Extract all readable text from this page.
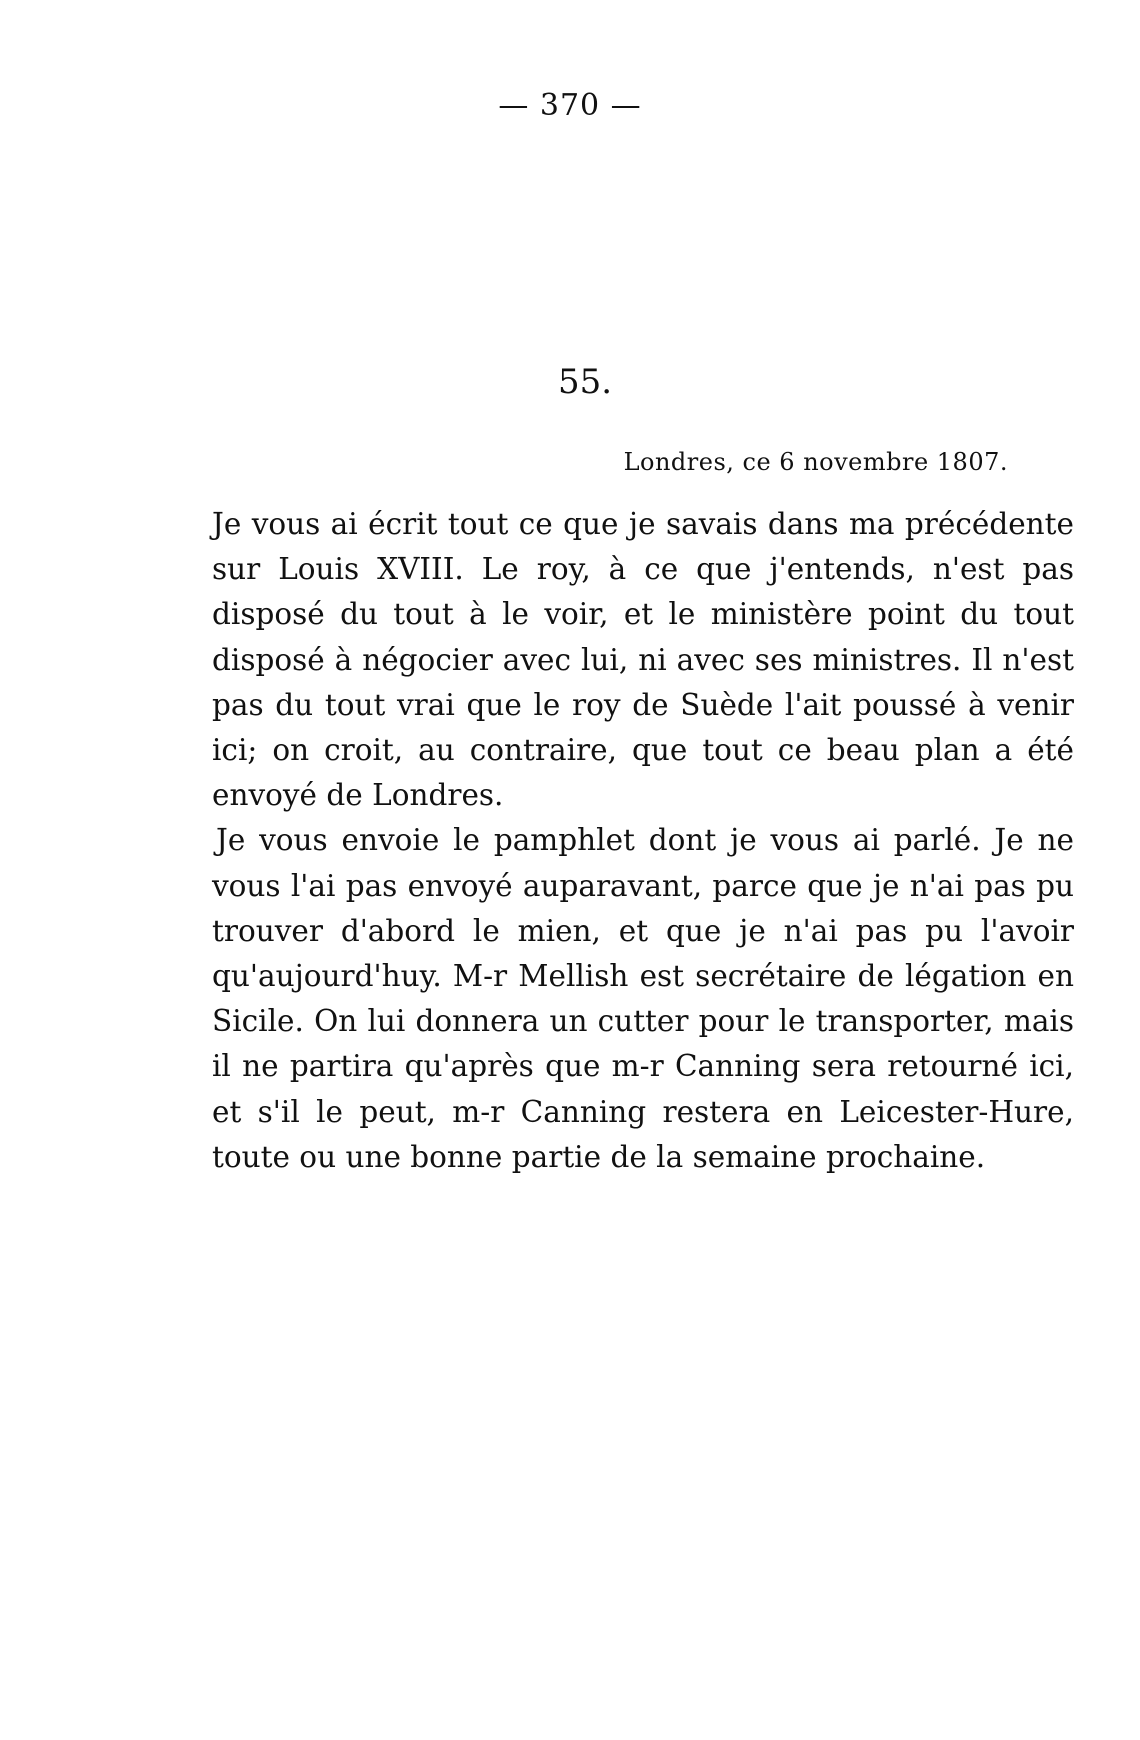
— 370 —
55.
Londres, ce 6 novembre 1807.

Je vous ai écrit tout ce que je savais dans ma précédente sur Louis XVIII. Le roy, à ce que j'entends, n'est pas disposé du tout à le voir, et le ministère point du tout disposé à négocier avec lui, ni avec ses ministres. Il n'est pas du tout vrai que le roy de Suède l'ait poussé à venir ici; on croit, au contraire, que tout ce beau plan a été envoyé de Londres.

Je vous envoie le pamphlet dont je vous ai parlé. Je ne vous l'ai pas envoyé auparavant, parce que je n'ai pas pu trouver d'abord le mien, et que je n'ai pas pu l'avoir qu'aujourd'huy. M-r Mellish est secrétaire de légation en Sicile. On lui donnera un cutter pour le transporter, mais il ne partira qu'après que m-r Canning sera retourné ici, et s'il le peut, m-r Canning restera en Leicester-Hure, toute ou une bonne partie de la semaine prochaine.
